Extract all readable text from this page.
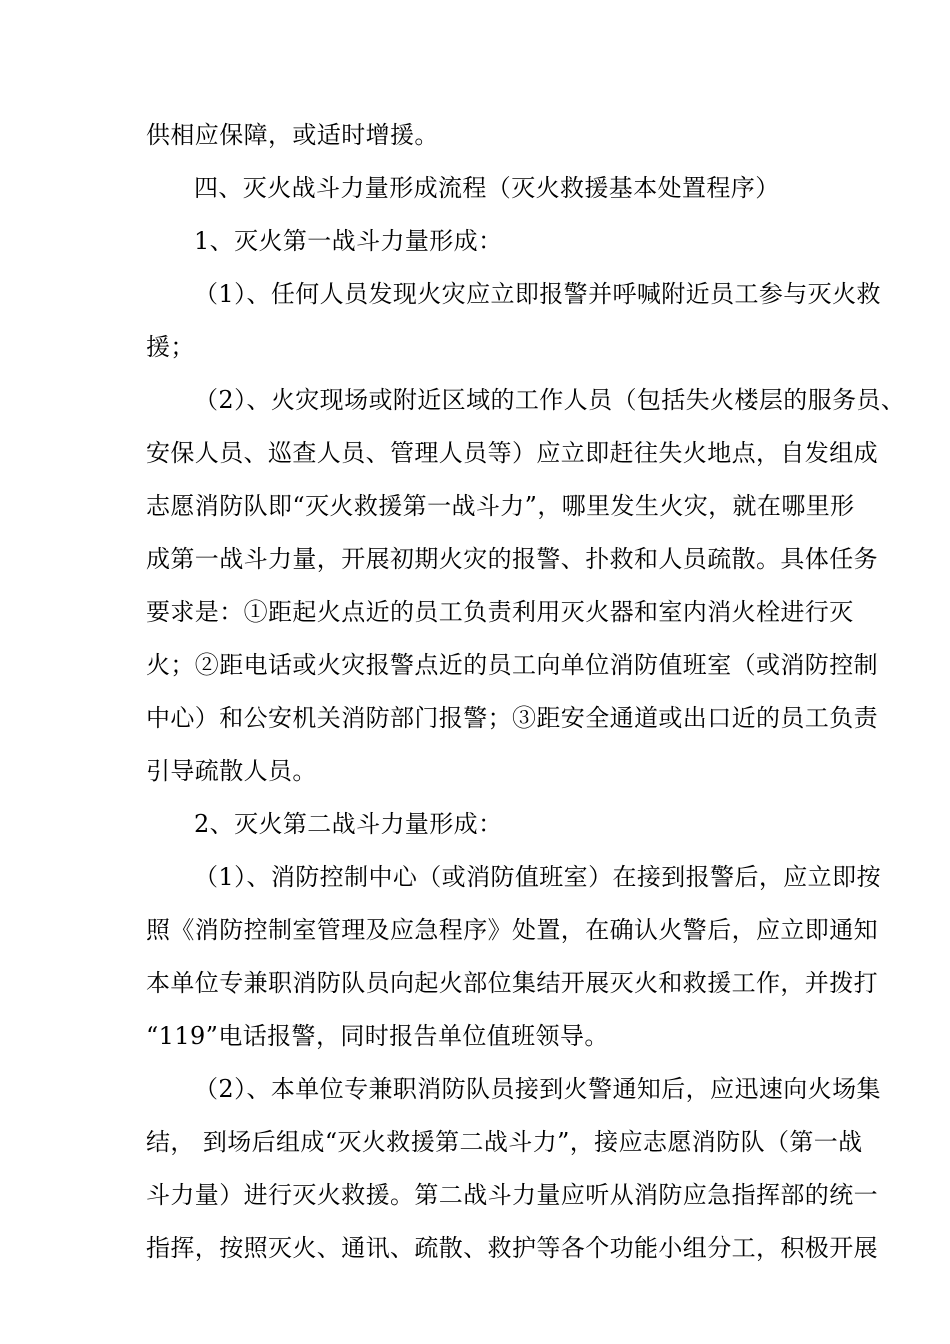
供相应保障，或适时增援。
四、灭火战斗力量形成流程（灭火救援基本处置程序）
1、灭火第一战斗力量形成：
（1）、任何人员发现火灾应立即报警并呼喊附近员工参与灭火救
援；
（2）、火灾现场或附近区域的工作人员（包括失火楼层的服务员、
安保人员、巡查人员、管理人员等）应立即赶往失火地点，自发组成
志愿消防队即“灭火救援第一战斗力”，哪里发生火灾，就在哪里形
成第一战斗力量，开展初期火灾的报警、扑救和人员疏散。具体任务
要求是：①距起火点近的员工负责利用灭火器和室内消火栓进行灭
火；②距电话或火灾报警点近的员工向单位消防值班室（或消防控制
中心）和公安机关消防部门报警；③距安全通道或出口近的员工负责
引导疏散人员。
2、灭火第二战斗力量形成：
（1）、消防控制中心（或消防值班室）在接到报警后，应立即按
照《消防控制室管理及应急程序》处置，在确认火警后，应立即通知
本单位专兼职消防队员向起火部位集结开展灭火和救援工作，并拨打
“119”电话报警，同时报告单位值班领导。
（2）、本单位专兼职消防队员接到火警通知后，应迅速向火场集
结， 到场后组成“灭火救援第二战斗力”，接应志愿消防队（第一战
斗力量）进行灭火救援。第二战斗力量应听从消防应急指挥部的统一
指挥，按照灭火、通讯、疏散、救护等各个功能小组分工，积极开展
